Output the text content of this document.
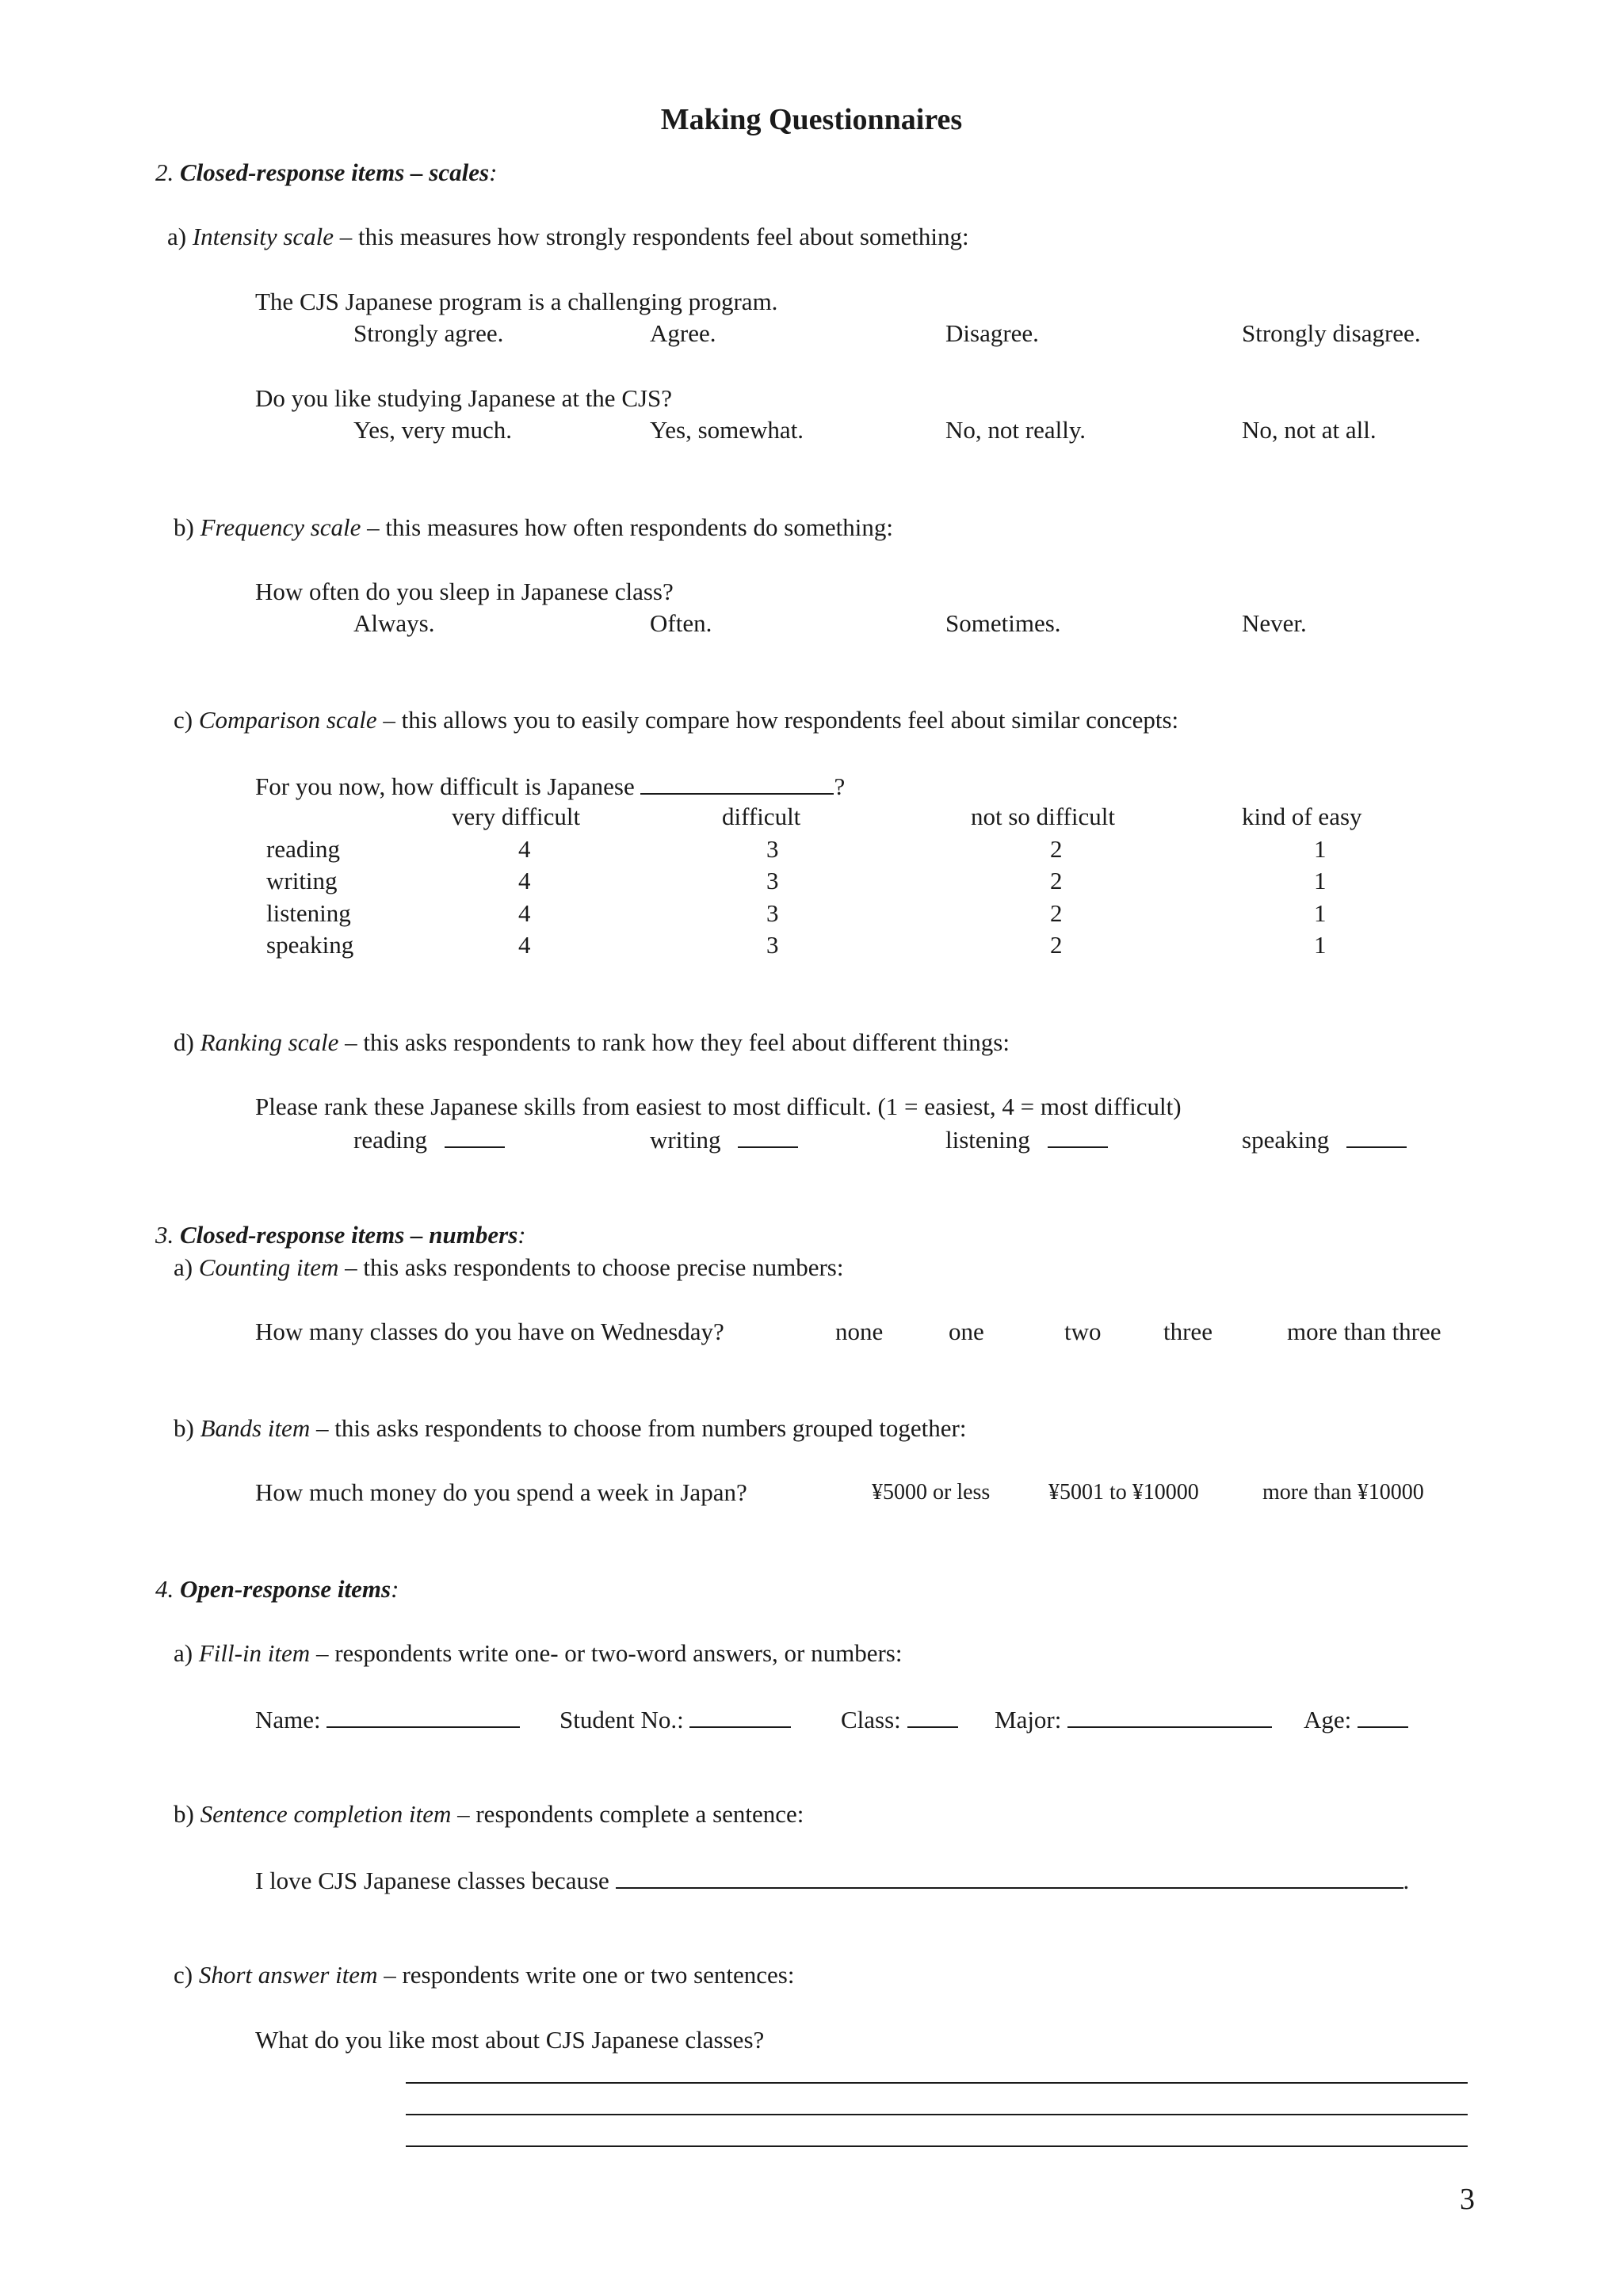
Making Questionnaires
2. Closed-response items – scales:
a) Intensity scale – this measures how strongly respondents feel about something:
The CJS Japanese program is a challenging program.
Strongly agree.	Agree.	Disagree.	Strongly disagree.
Do you like studying Japanese at the CJS?
Yes, very much.	Yes, somewhat.	No, not really.	No, not at all.
b) Frequency scale – this measures how often respondents do something:
How often do you sleep in Japanese class?
Always.	Often.	Sometimes.	Never.
c) Comparison scale – this allows you to easily compare how respondents feel about similar concepts:
For you now, how difficult is Japanese	?
very difficult	difficult	not so difficult	kind of easy
reading	4	3	2	1
writing	4	3	2	1
listening	4	3	2	1
speaking	4	3	2	1
d) Ranking scale – this asks respondents to rank how they feel about different things:
Please rank these Japanese skills from easiest to most difficult. (1 = easiest, 4 = most difficult)
reading	writing	listening	speaking
3. Closed-response items – numbers:
a) Counting item – this asks respondents to choose precise numbers:
How many classes do you have on Wednesday?	none	one	two	three	more than three
b) Bands item – this asks respondents to choose from numbers grouped together:
How much money do you spend a week in Japan?	¥5000 or less	¥5001 to ¥10000	more than ¥10000
4. Open-response items:
a) Fill-in item – respondents write one- or two-word answers, or numbers:
Name:	Student No.:	Class:	Major:	Age:
b) Sentence completion item – respondents complete a sentence:
I love CJS Japanese classes because	.
c) Short answer item – respondents write one or two sentences:
What do you like most about CJS Japanese classes?
3
